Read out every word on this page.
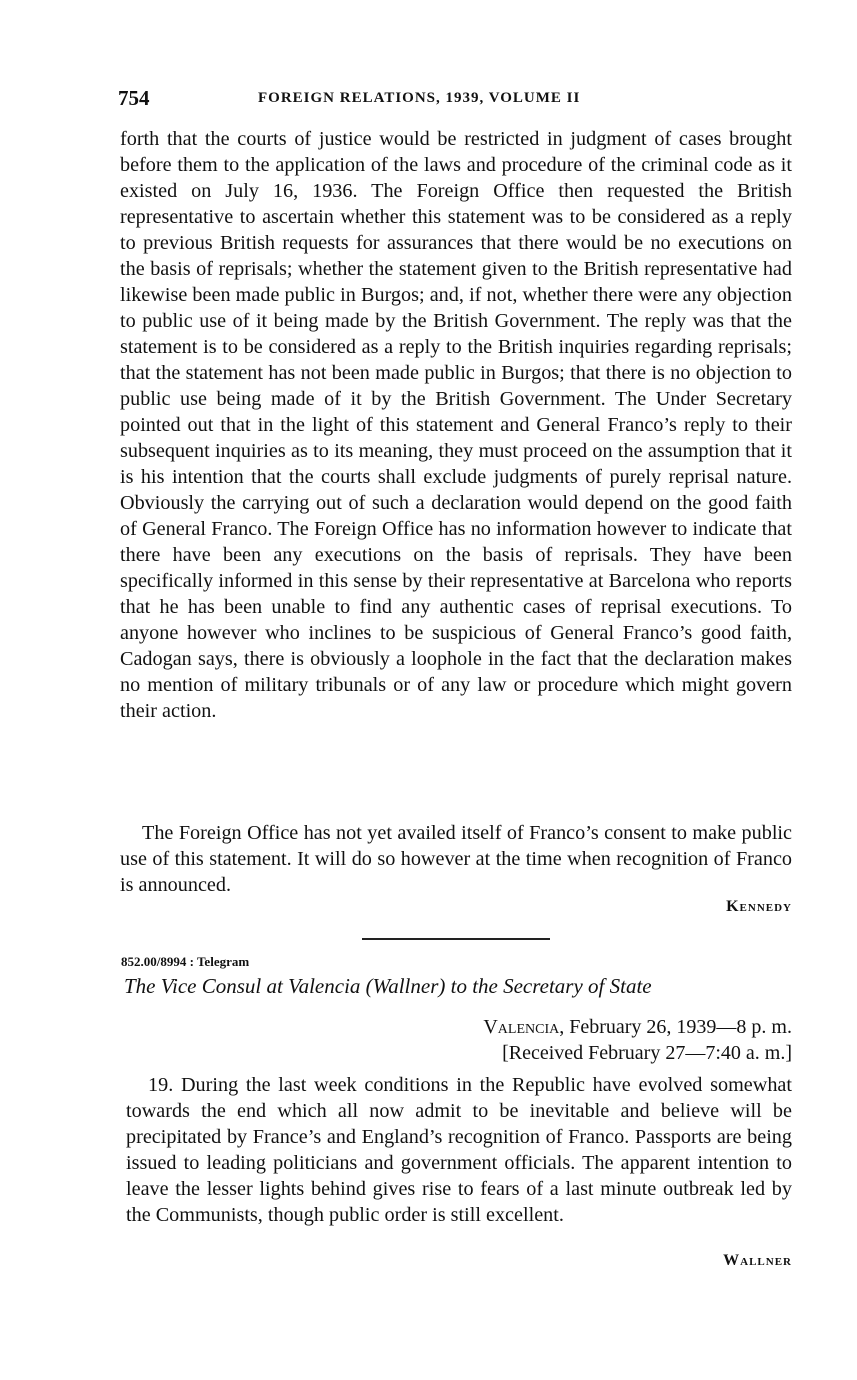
754	FOREIGN RELATIONS, 1939, VOLUME II
forth that the courts of justice would be restricted in judgment of cases brought before them to the application of the laws and procedure of the criminal code as it existed on July 16, 1936. The Foreign Office then requested the British representative to ascertain whether this statement was to be considered as a reply to previous British requests for assurances that there would be no executions on the basis of reprisals; whether the statement given to the British representative had likewise been made public in Burgos; and, if not, whether there were any objection to public use of it being made by the British Government. The reply was that the statement is to be considered as a reply to the British inquiries regarding reprisals; that the statement has not been made public in Burgos; that there is no objection to public use being made of it by the British Government. The Under Secretary pointed out that in the light of this statement and General Franco’s reply to their subsequent inquiries as to its meaning, they must proceed on the assumption that it is his intention that the courts shall exclude judgments of purely reprisal nature. Obviously the carrying out of such a declaration would depend on the good faith of General Franco. The Foreign Office has no information however to indicate that there have been any executions on the basis of reprisals. They have been specifically informed in this sense by their representative at Barcelona who reports that he has been unable to find any authentic cases of reprisal executions. To anyone however who inclines to be suspicious of General Franco’s good faith, Cadogan says, there is obviously a loophole in the fact that the declaration makes no mention of military tribunals or of any law or procedure which might govern their action.
The Foreign Office has not yet availed itself of Franco’s consent to make public use of this statement. It will do so however at the time when recognition of Franco is announced.
Kennedy
852.00/8994 : Telegram
The Vice Consul at Valencia (Wallner) to the Secretary of State
Valencia, February 26, 1939—8 p. m.
[Received February 27—7:40 a. m.]
19. During the last week conditions in the Republic have evolved somewhat towards the end which all now admit to be inevitable and believe will be precipitated by France’s and England’s recognition of Franco. Passports are being issued to leading politicians and government officials. The apparent intention to leave the lesser lights behind gives rise to fears of a last minute outbreak led by the Communists, though public order is still excellent.
Wallner
